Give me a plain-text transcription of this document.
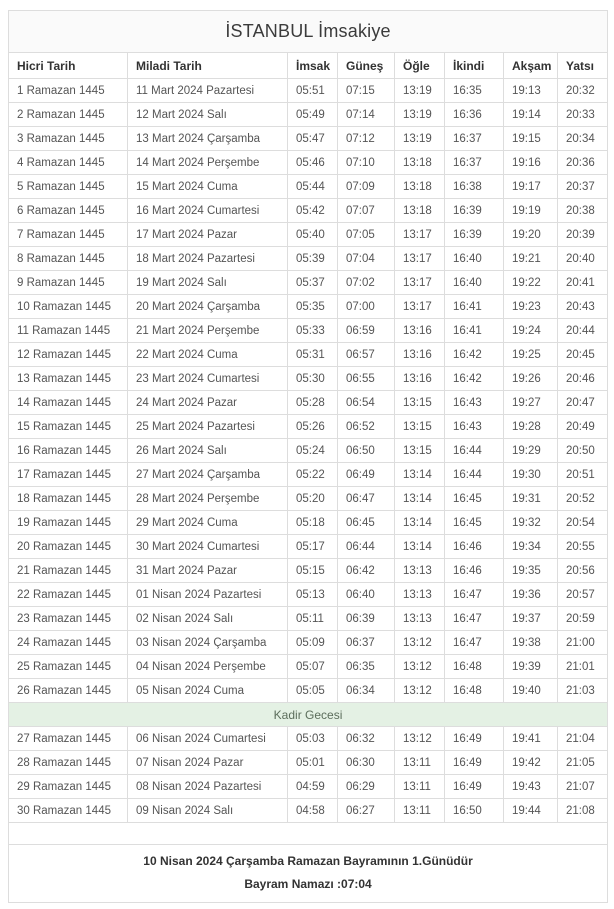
İSTANBUL İmsakiye							
Hicri Tarih	Miladi Tarih	İmsak	Güneş	Öğle	İkindi	Akşam	Yatsı
1 Ramazan 1445	11 Mart 2024 Pazartesi	05:51	07:15	13:19	16:35	19:13	20:32
2 Ramazan 1445	12 Mart 2024 Salı	05:49	07:14	13:19	16:36	19:14	20:33
3 Ramazan 1445	13 Mart 2024 Çarşamba	05:47	07:12	13:19	16:37	19:15	20:34
4 Ramazan 1445	14 Mart 2024 Perşembe	05:46	07:10	13:18	16:37	19:16	20:36
5 Ramazan 1445	15 Mart 2024 Cuma	05:44	07:09	13:18	16:38	19:17	20:37
6 Ramazan 1445	16 Mart 2024 Cumartesi	05:42	07:07	13:18	16:39	19:19	20:38
7 Ramazan 1445	17 Mart 2024 Pazar	05:40	07:05	13:17	16:39	19:20	20:39
8 Ramazan 1445	18 Mart 2024 Pazartesi	05:39	07:04	13:17	16:40	19:21	20:40
9 Ramazan 1445	19 Mart 2024 Salı	05:37	07:02	13:17	16:40	19:22	20:41
10 Ramazan 1445	20 Mart 2024 Çarşamba	05:35	07:00	13:17	16:41	19:23	20:43
11 Ramazan 1445	21 Mart 2024 Perşembe	05:33	06:59	13:16	16:41	19:24	20:44
12 Ramazan 1445	22 Mart 2024 Cuma	05:31	06:57	13:16	16:42	19:25	20:45
13 Ramazan 1445	23 Mart 2024 Cumartesi	05:30	06:55	13:16	16:42	19:26	20:46
14 Ramazan 1445	24 Mart 2024 Pazar	05:28	06:54	13:15	16:43	19:27	20:47
15 Ramazan 1445	25 Mart 2024 Pazartesi	05:26	06:52	13:15	16:43	19:28	20:49
16 Ramazan 1445	26 Mart 2024 Salı	05:24	06:50	13:15	16:44	19:29	20:50
17 Ramazan 1445	27 Mart 2024 Çarşamba	05:22	06:49	13:14	16:44	19:30	20:51
18 Ramazan 1445	28 Mart 2024 Perşembe	05:20	06:47	13:14	16:45	19:31	20:52
19 Ramazan 1445	29 Mart 2024 Cuma	05:18	06:45	13:14	16:45	19:32	20:54
20 Ramazan 1445	30 Mart 2024 Cumartesi	05:17	06:44	13:14	16:46	19:34	20:55
21 Ramazan 1445	31 Mart 2024 Pazar	05:15	06:42	13:13	16:46	19:35	20:56
22 Ramazan 1445	01 Nisan 2024 Pazartesi	05:13	06:40	13:13	16:47	19:36	20:57
23 Ramazan 1445	02 Nisan 2024 Salı	05:11	06:39	13:13	16:47	19:37	20:59
24 Ramazan 1445	03 Nisan 2024 Çarşamba	05:09	06:37	13:12	16:47	19:38	21:00
25 Ramazan 1445	04 Nisan 2024 Perşembe	05:07	06:35	13:12	16:48	19:39	21:01
26 Ramazan 1445	05 Nisan 2024 Cuma	05:05	06:34	13:12	16:48	19:40	21:03
Kadir Gecesi							
27 Ramazan 1445	06 Nisan 2024 Cumartesi	05:03	06:32	13:12	16:49	19:41	21:04
28 Ramazan 1445	07 Nisan 2024 Pazar	05:01	06:30	13:11	16:49	19:42	21:05
29 Ramazan 1445	08 Nisan 2024 Pazartesi	04:59	06:29	13:11	16:49	19:43	21:07
30 Ramazan 1445	09 Nisan 2024 Salı	04:58	06:27	13:11	16:50	19:44	21:08

10 Nisan 2024 Çarşamba Ramazan Bayramının 1.Günüdür
Bayram Namazı :07:04							
